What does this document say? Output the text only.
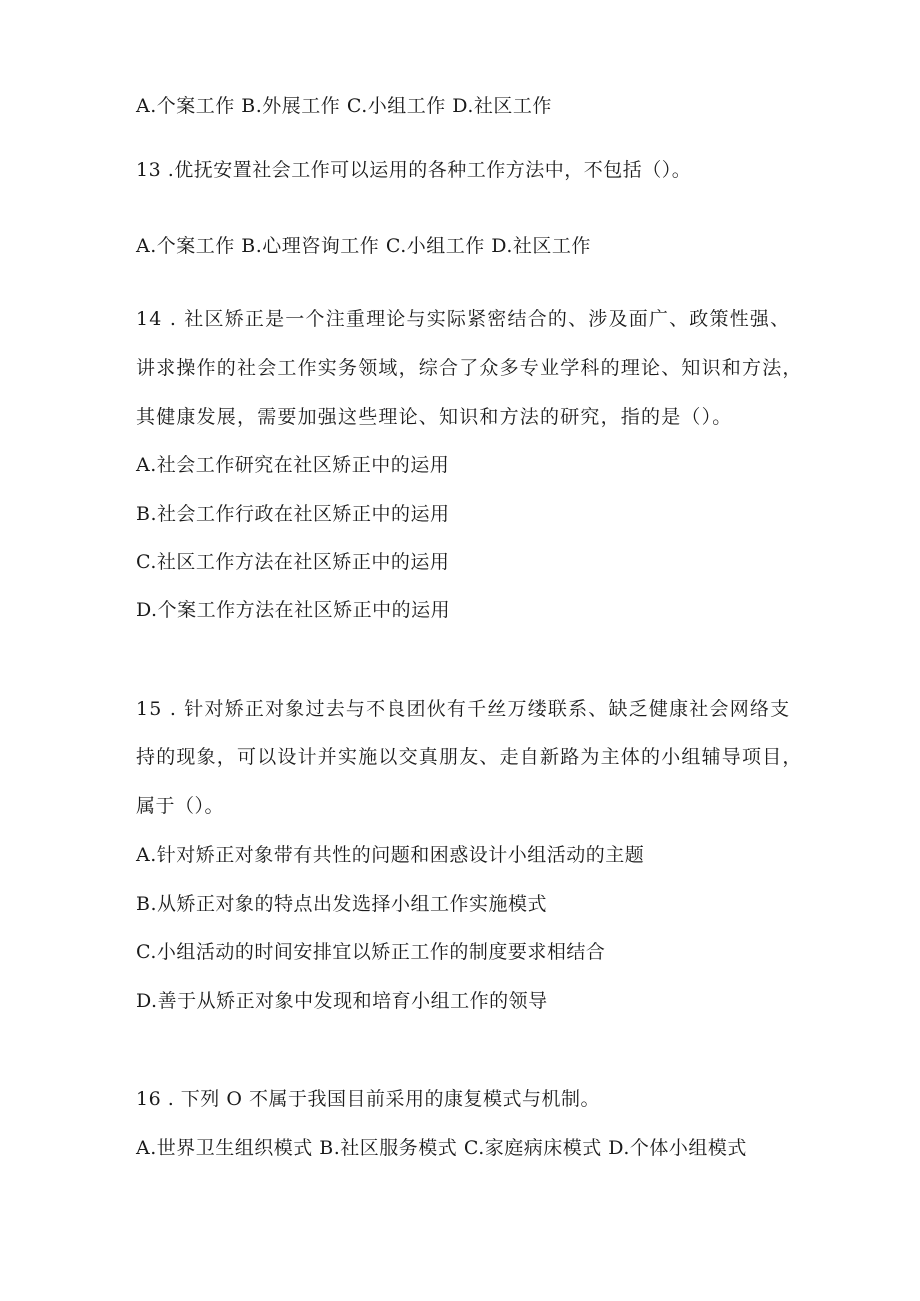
A.个案工作 B.外展工作 C.小组工作 D.社区工作
13 .优抚安置社会工作可以运用的各种工作方法中，不包括（）。
A.个案工作 B.心理咨询工作 C.小组工作 D.社区工作
14 . 社区矫正是一个注重理论与实际紧密结合的、涉及面广、政策性强、
讲求操作的社会工作实务领域，综合了众多专业学科的理论、知识和方法，
其健康发展，需要加强这些理论、知识和方法的研究，指的是（）。
A.社会工作研究在社区矫正中的运用
B.社会工作行政在社区矫正中的运用
C.社区工作方法在社区矫正中的运用
D.个案工作方法在社区矫正中的运用
15 . 针对矫正对象过去与不良团伙有千丝万缕联系、缺乏健康社会网络支
持的现象，可以设计并实施以交真朋友、走自新路为主体的小组辅导项目，
属于（）。
A.针对矫正对象带有共性的问题和困惑设计小组活动的主题
B.从矫正对象的特点出发选择小组工作实施模式
C.小组活动的时间安排宜以矫正工作的制度要求相结合
D.善于从矫正对象中发现和培育小组工作的领导
16 . 下列 O 不属于我国目前采用的康复模式与机制。
A.世界卫生组织模式 B.社区服务模式 C.家庭病床模式 D.个体小组模式
